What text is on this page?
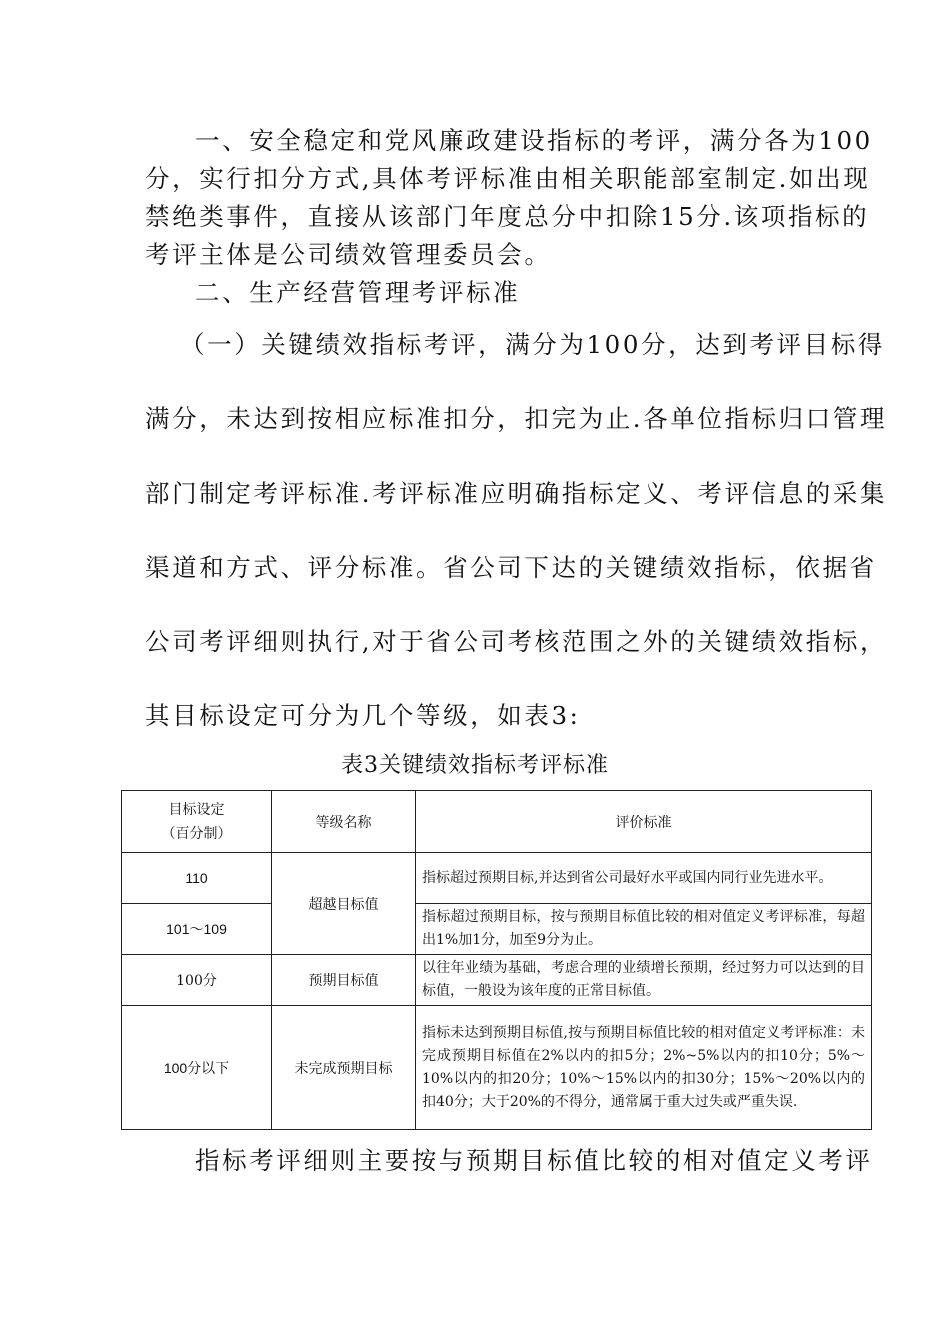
一、安全稳定和党风廉政建设指标的考评，满分各为100
分，实行扣分方式,具体考评标准由相关职能部室制定.如出现
禁绝类事件，直接从该部门年度总分中扣除15分.该项指标的
考评主体是公司绩效管理委员会。
二、生产经营管理考评标准
（一）关键绩效指标考评，满分为100分，达到考评目标得
满分，未达到按相应标准扣分，扣完为止.各单位指标归口管理
部门制定考评标准.考评标准应明确指标定义、考评信息的采集
渠道和方式、评分标准。省公司下达的关键绩效指标，依据省
公司考评细则执行,对于省公司考核范围之外的关键绩效指标，
其目标设定可分为几个等级，如表3:
表3关键绩效指标考评标准
目标设定
（百分制）	等级名称	评价标准
110	超越目标值	指标超过预期目标,并达到省公司最好水平或国内同行业先进水平。
101～109		指标超过预期目标，按与预期目标值比较的相对值定义考评标准，每超出1%加1分，加至9分为止。
100分	预期目标值	以往年业绩为基础，考虑合理的业绩增长预期，经过努力可以达到的目标值，一般设为该年度的正常目标值。
100分以下	未完成预期目标	指标未达到预期目标值,按与预期目标值比较的相对值定义考评标准：未完成预期目标值在2%以内的扣5分；2%~5%以内的扣10分；5%～10%以内的扣20分；10%～15%以内的扣30分；15%～20%以内的扣40分；大于20%的不得分，通常属于重大过失或严重失误.
指标考评细则主要按与预期目标值比较的相对值定义考评
